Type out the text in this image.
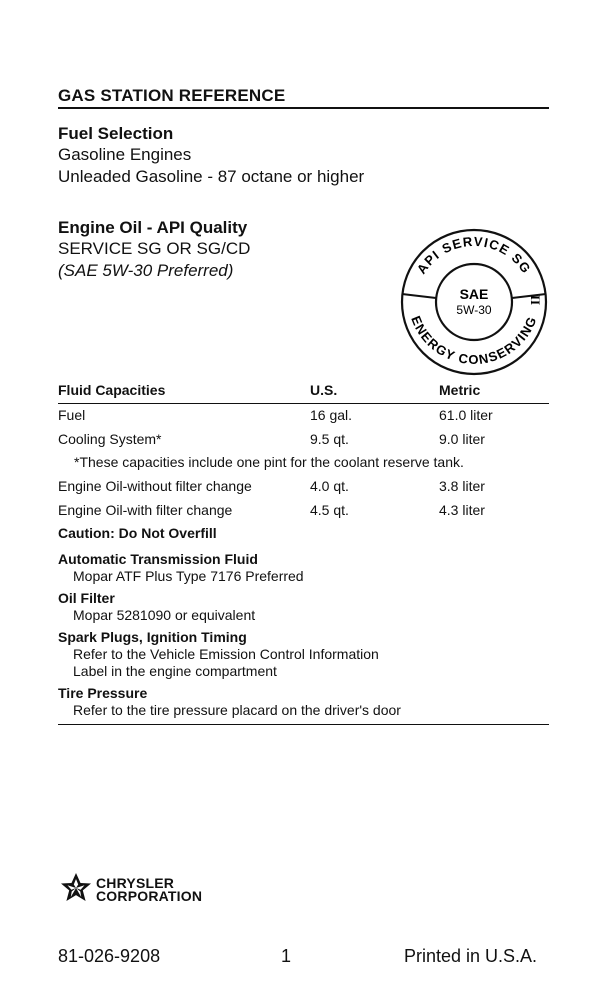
GAS STATION REFERENCE
Fuel Selection
Gasoline Engines
Unleaded Gasoline - 87 octane or higher
Engine Oil - API Quality
SERVICE SG OR SG/CD
(SAE 5W-30 Preferred)	API SERVICE SG
ENERGY CONSERVING
II
SAE
5W-30
Fluid Capacities	U.S.	Metric
Fuel	16 gal.	61.0 liter
Cooling System*	9.5 qt.	9.0 liter
*These capacities include one pint for the coolant reserve tank.
Engine Oil-without filter change	4.0 qt.	3.8 liter
Engine Oil-with filter change	4.5 qt.	4.3 liter
Caution: Do Not Overfill
Automatic Transmission Fluid
Mopar ATF Plus Type 7176 Preferred
Oil Filter
Mopar 5281090 or equivalent
Spark Plugs, Ignition Timing
Refer to the Vehicle Emission Control Information
Label in the engine compartment
Tire Pressure
Refer to the tire pressure placard on the driver's door
CHRYSLER
CORPORATION
81-026-9208	1	Printed in U.S.A.
